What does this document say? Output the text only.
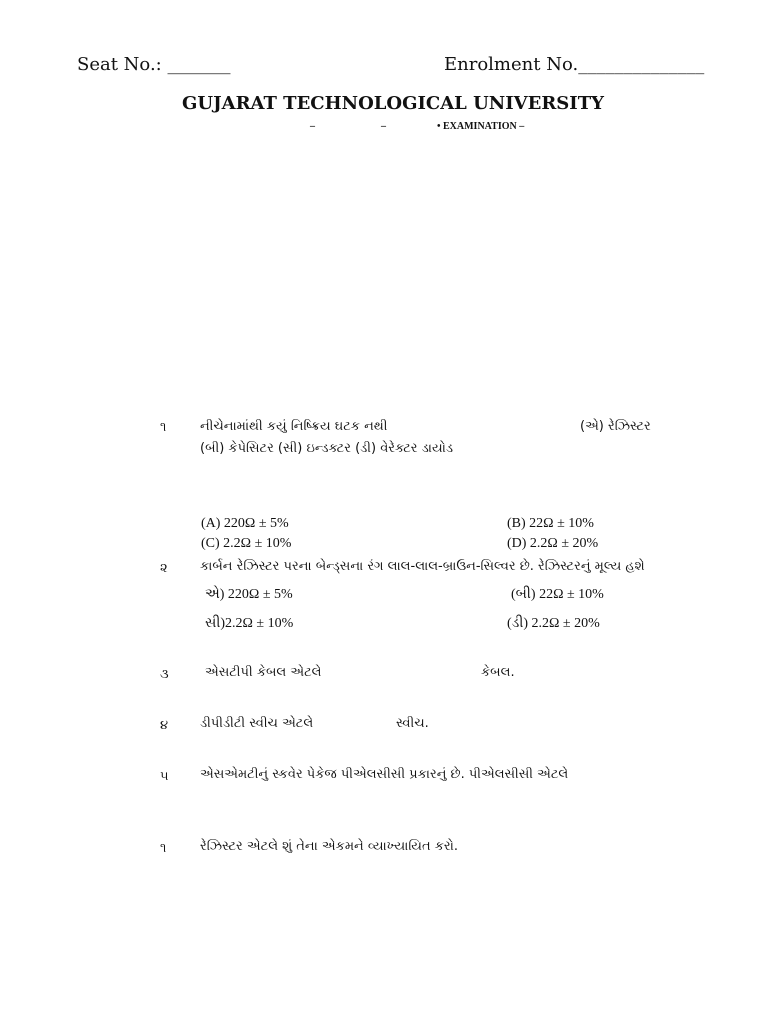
Seat No.: _______	Enrolment No.______________
GUJARAT TECHNOLOGICAL UNIVERSITY
–	–	• EXAMINATION –
૧	નીચેનામાંથી કયું નિષ્ક્રિય ઘટક નથી	(એ) રેઝિસ્ટર
(બી) કેપેસિટર (સી) ઇન્ડક્ટર (ડી) વેરેક્ટર ડાયોડ
(A) 220Ω ± 5%	(B) 22Ω ± 10%
(C) 2.2Ω ± 10%	(D) 2.2Ω ± 20%
૨ કાર્બન રેઝિસ્ટર પરના બેન્ડ્સના રંગ લાલ-લાલ-બ્રાઉન-સિલ્વર છે. રેઝિસ્ટરનું મૂલ્ય હશે
એ) 220Ω ± 5%	(બી) 22Ω ± 10%
સી)2.2Ω ± 10%	(ડી) 2.2Ω ± 20%
૩	એસટીપી કેબલ એટલે	કેબલ.
૪ ડીપીડીટી સ્વીચ એટલે	સ્વીચ.
૫ એસએમટીનું સ્કવેર પેકેજ પીએલસીસી પ્રકારનું છે. પીએલસીસી એટલે
૧	રેઝિસ્ટર એટલે શું તેના એકમને વ્યાખ્યાયિત કરો.
